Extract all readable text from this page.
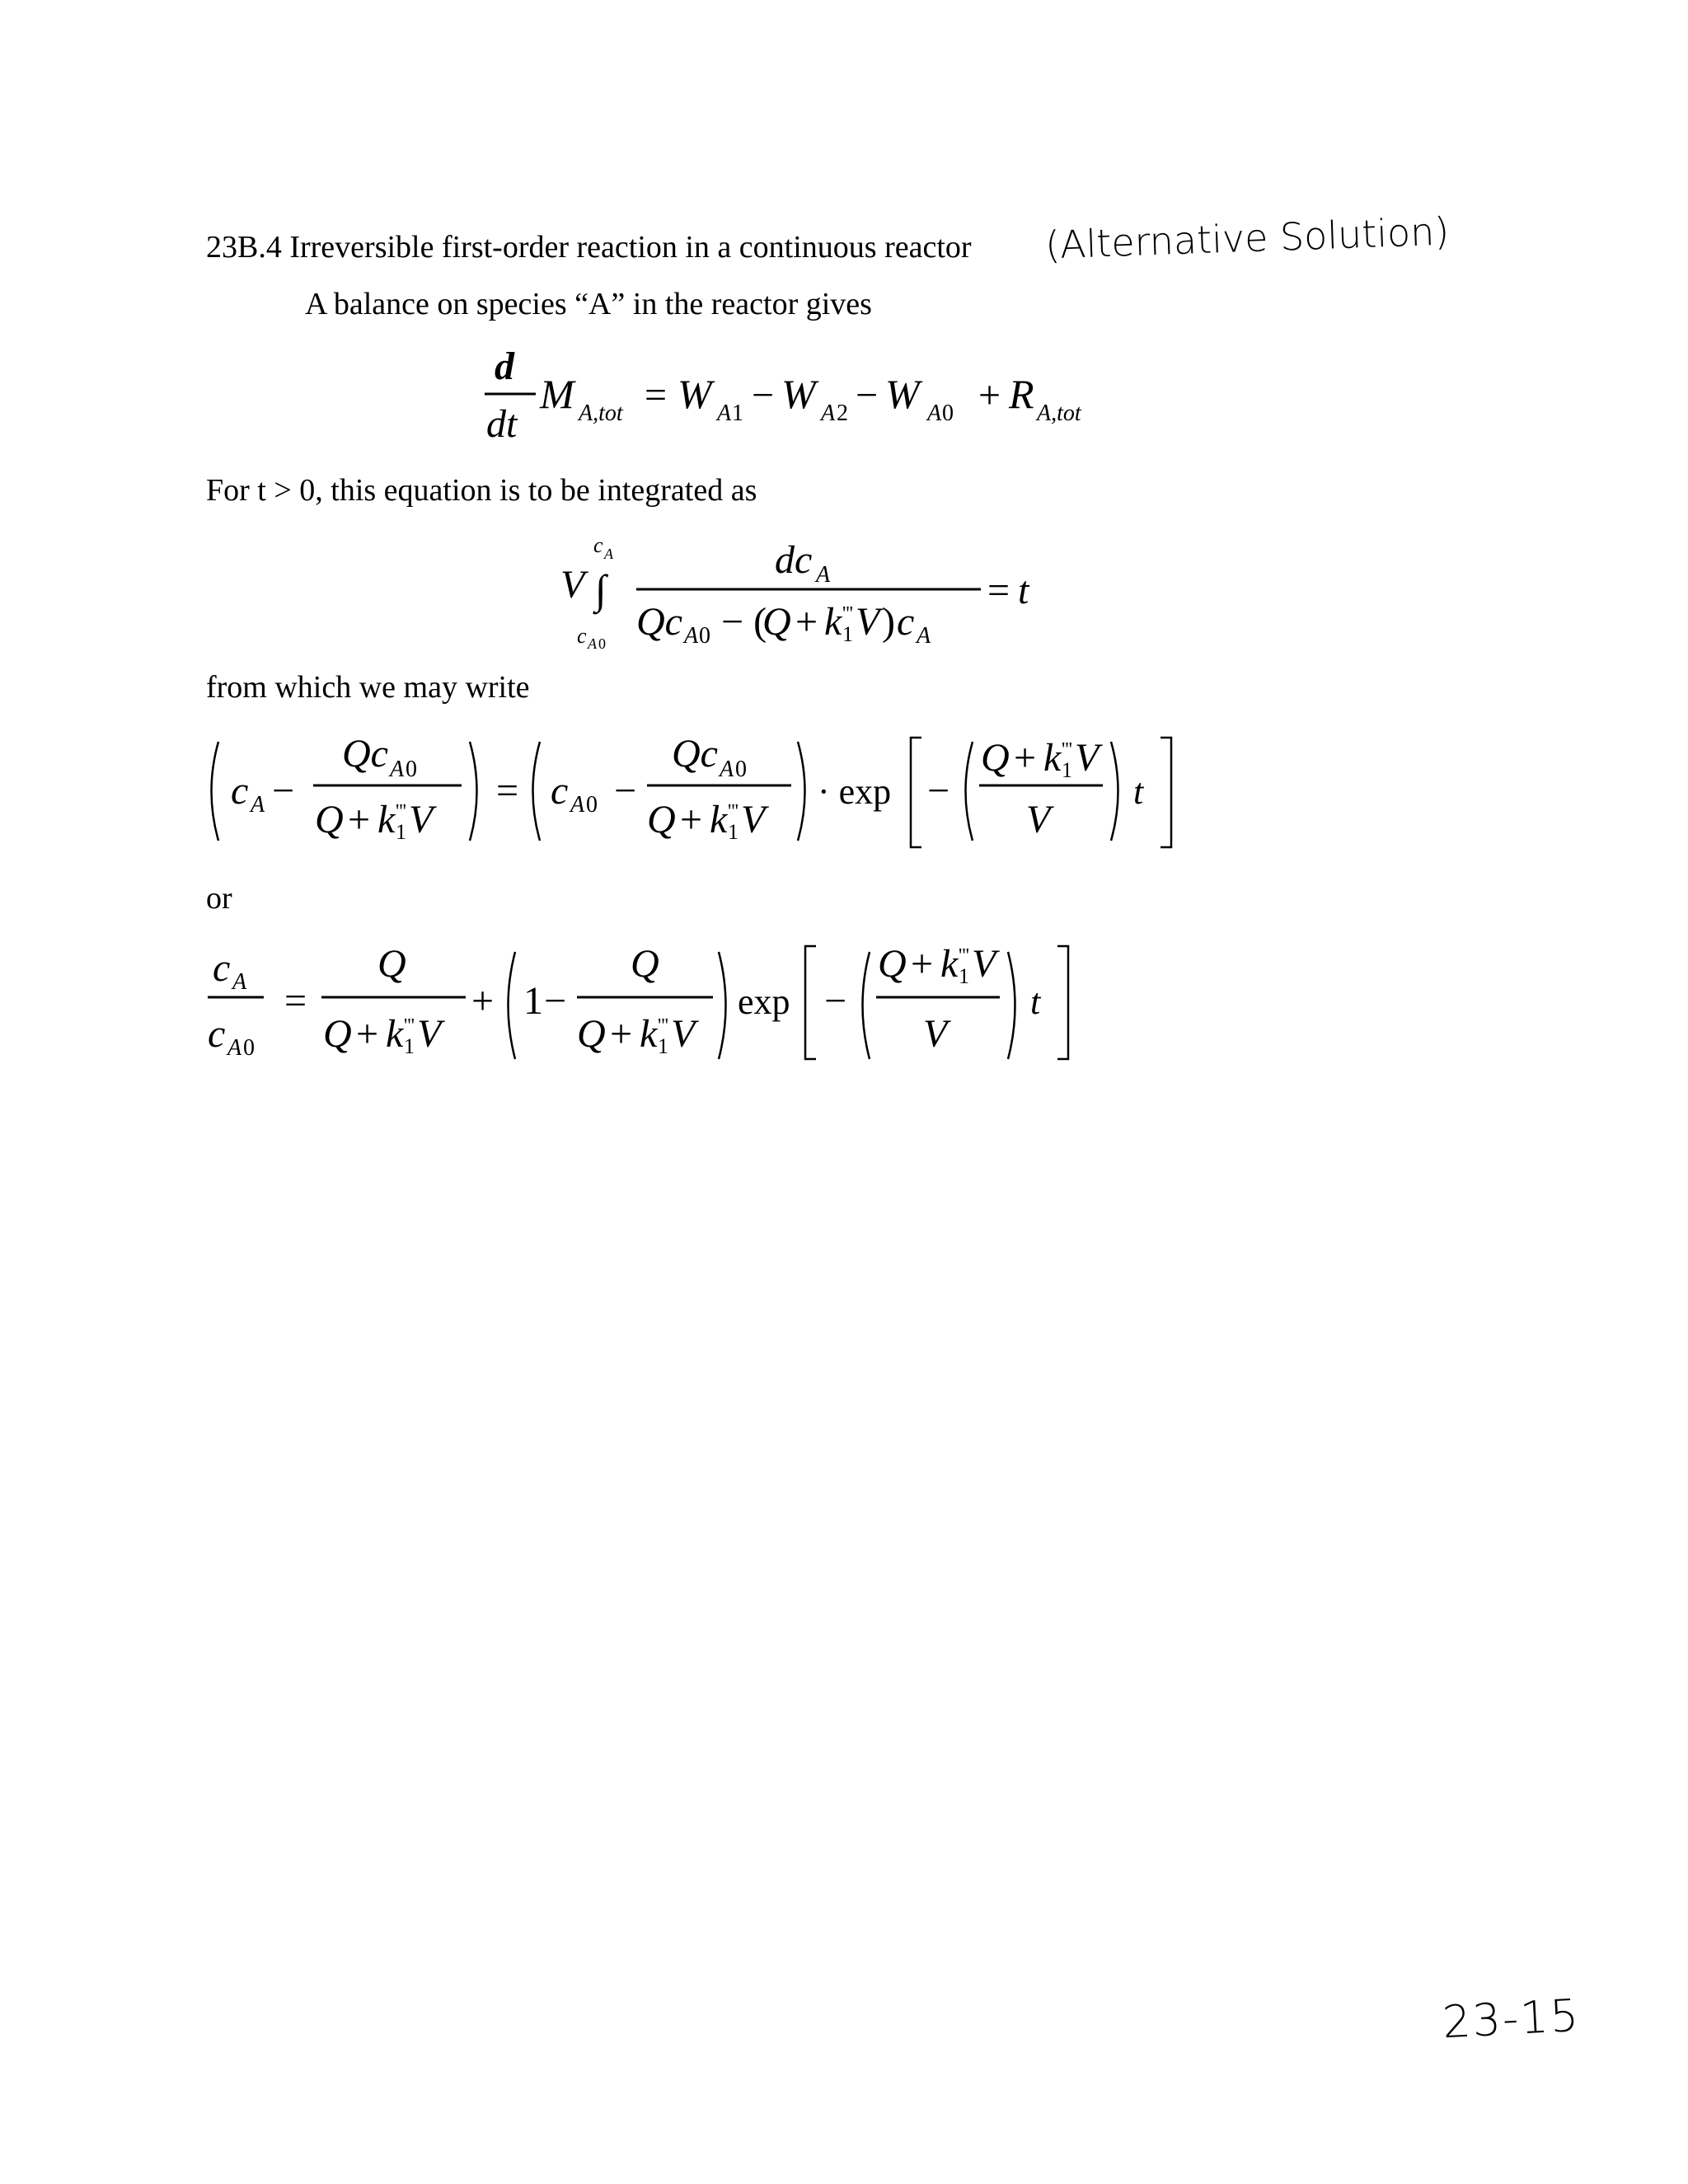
23B.4 Irreversible first-order reaction in a continuous reactor (Alternative Solution)
A balance on species “A” in the reactor gives
d
dt
M A,tot = W A 1 − W A 2 − W A 0 + R A,tot
For t > 0, this equation is to be integrated as
c A
V ∫
c A 0
dc A
Qc A 0 − (
Q + k 1
''' V ) c A
= t
from which we may write
c A −
Qc A 0
Q + k 1
''' V
= c A 0 −
Qc A 0
Q + k 1
''' V
· exp −
Q + k 1
''' V
V
t
or
c A
c A 0
=
Q
Q + k 1
''' V
+ 1 −
Q
Q + k 1
''' V
exp −
Q + k 1
''' V
V
t
23-15
